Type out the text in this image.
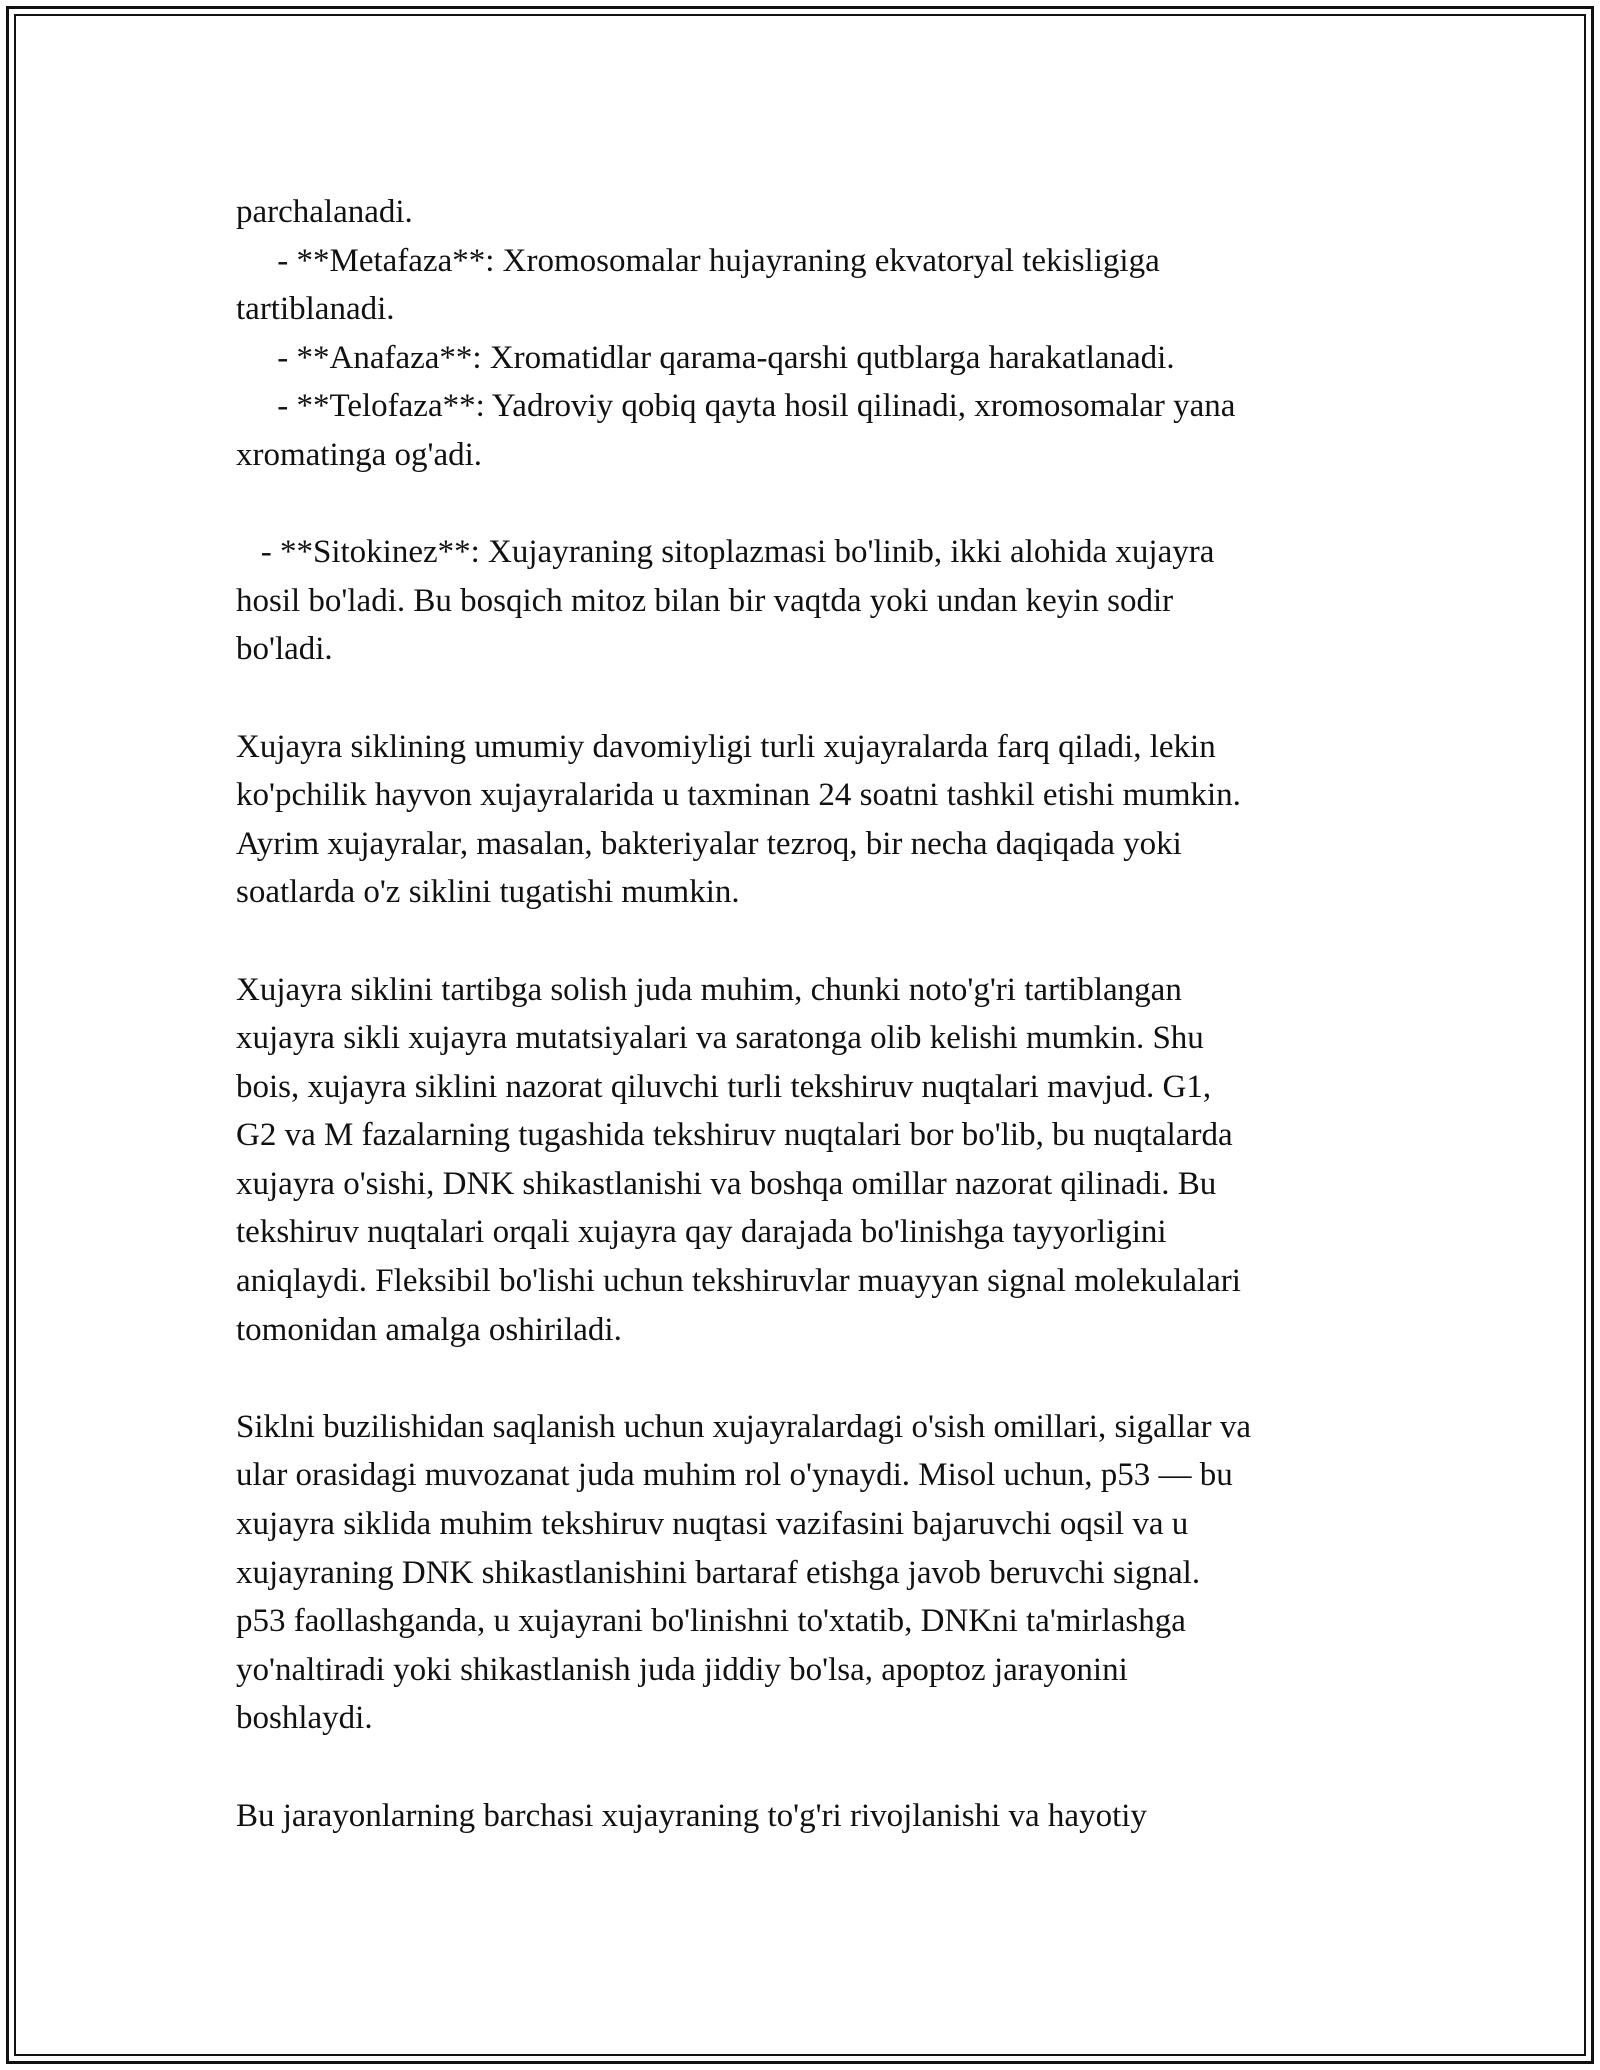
parchalanadi.
- **Metafaza**: Xromosomalar hujayraning ekvatoryal tekisligiga
tartiblanadi.
- **Anafaza**: Xromatidlar qarama-qarshi qutblarga harakatlanadi.
- **Telofaza**: Yadroviy qobiq qayta hosil qilinadi, xromosomalar yana
xromatinga og'adi.
- **Sitokinez**: Xujayraning sitoplazmasi bo'linib, ikki alohida xujayra
hosil bo'ladi. Bu bosqich mitoz bilan bir vaqtda yoki undan keyin sodir
bo'ladi.
Xujayra siklining umumiy davomiyligi turli xujayralarda farq qiladi, lekin
ko'pchilik hayvon xujayralarida u taxminan 24 soatni tashkil etishi mumkin.
Ayrim xujayralar, masalan, bakteriyalar tezroq, bir necha daqiqada yoki
soatlarda o'z siklini tugatishi mumkin.
Xujayra siklini tartibga solish juda muhim, chunki noto'g'ri tartiblangan
xujayra sikli xujayra mutatsiyalari va saratonga olib kelishi mumkin. Shu
bois, xujayra siklini nazorat qiluvchi turli tekshiruv nuqtalari mavjud. G1,
G2 va M fazalarning tugashida tekshiruv nuqtalari bor bo'lib, bu nuqtalarda
xujayra o'sishi, DNK shikastlanishi va boshqa omillar nazorat qilinadi. Bu
tekshiruv nuqtalari orqali xujayra qay darajada bo'linishga tayyorligini
aniqlaydi. Fleksibil bo'lishi uchun tekshiruvlar muayyan signal molekulalari
tomonidan amalga oshiriladi.
Siklni buzilishidan saqlanish uchun xujayralardagi o'sish omillari, sigallar va
ular orasidagi muvozanat juda muhim rol o'ynaydi. Misol uchun, p53 — bu
xujayra siklida muhim tekshiruv nuqtasi vazifasini bajaruvchi oqsil va u
xujayraning DNK shikastlanishini bartaraf etishga javob beruvchi signal.
p53 faollashganda, u xujayrani bo'linishni to'xtatib, DNKni ta'mirlashga
yo'naltiradi yoki shikastlanish juda jiddiy bo'lsa, apoptoz jarayonini
boshlaydi.
Bu jarayonlarning barchasi xujayraning to'g'ri rivojlanishi va hayotiy
